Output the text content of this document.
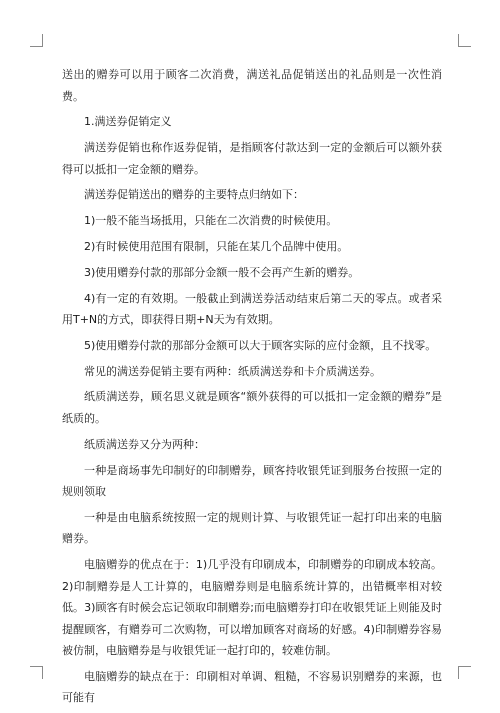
送出的赠券可以用于顾客二次消费，满送礼品促销送出的礼品则是一次性消费。

1.满送券促销定义

满送券促销也称作返券促销，是指顾客付款达到一定的金额后可以额外获得可以抵扣一定金额的赠券。

满送券促销送出的赠券的主要特点归纳如下：

1)一般不能当场抵用，只能在二次消费的时候使用。

2)有时候使用范围有限制，只能在某几个品牌中使用。

3)使用赠券付款的那部分金额一般不会再产生新的赠券。

4)有一定的有效期。一般截止到满送券活动结束后第二天的零点。或者采用T+N的方式，即获得日期+N天为有效期。

5)使用赠券付款的那部分金额可以大于顾客实际的应付金额，且不找零。

常见的满送券促销主要有两种：纸质满送券和卡介质满送券。

纸质满送券，顾名思义就是顾客“额外获得的可以抵扣一定金额的赠券”是纸质的。

纸质满送券又分为两种：

一种是商场事先印制好的印制赠券，顾客持收银凭证到服务台按照一定的规则领取

一种是由电脑系统按照一定的规则计算、与收银凭证一起打印出来的电脑赠券。

电脑赠券的优点在于：1)几乎没有印刷成本，印制赠券的印刷成本较高。2)印制赠券是人工计算的，电脑赠券则是电脑系统计算的，出错概率相对较低。3)顾客有时候会忘记领取印制赠券;而电脑赠券打印在收银凭证上则能及时提醒顾客，有赠券可二次购物，可以增加顾客对商场的好感。4)印制赠券容易被仿制，电脑赠券是与收银凭证一起打印的，较难仿制。

电脑赠券的缺点在于：印刷相对单调、粗糙，不容易识别赠券的来源，也可能有
